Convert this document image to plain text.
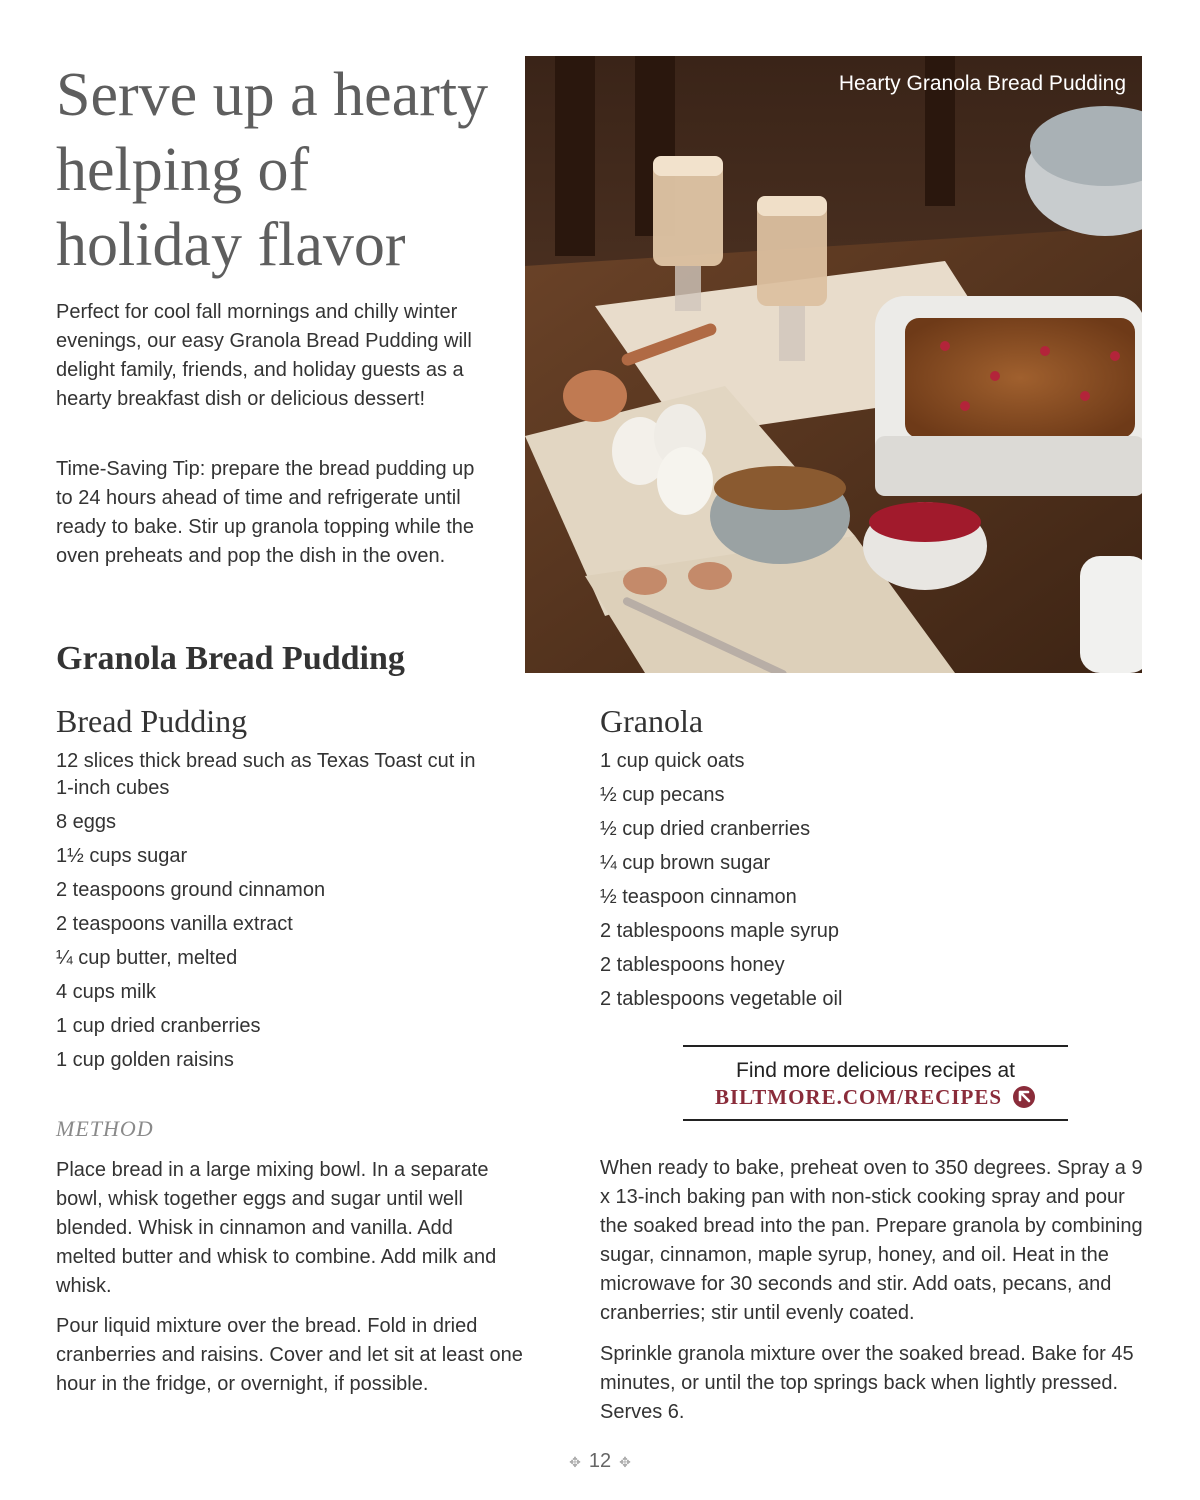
Serve up a hearty helping of holiday flavor

Perfect for cool fall mornings and chilly winter evenings, our easy Granola Bread Pudding will delight family, friends, and holiday guests as a hearty breakfast dish or delicious dessert!

Time-Saving Tip: prepare the bread pudding up to 24 hours ahead of time and refrigerate until ready to bake. Stir up granola topping while the oven preheats and pop the dish in the oven.

Hearty Granola Bread Pudding
Granola Bread Pudding
Bread Pudding
12 slices thick bread such as Texas Toast cut in 1-inch cubes
8 eggs
1½ cups sugar
2 teaspoons ground cinnamon
2 teaspoons vanilla extract
¼ cup butter, melted
4 cups milk
1 cup dried cranberries
1 cup golden raisins
Granola
1 cup quick oats
½ cup pecans
½ cup dried cranberries
¼ cup brown sugar
½ teaspoon cinnamon
2 tablespoons maple syrup
2 tablespoons honey
2 tablespoons vegetable oil
Find more delicious recipes at
BILTMORE.COM/RECIPES
METHOD

Place bread in a large mixing bowl. In a separate bowl, whisk together eggs and sugar until well blended. Whisk in cinnamon and vanilla. Add melted butter and whisk to combine. Add milk and whisk.

Pour liquid mixture over the bread. Fold in dried cranberries and raisins. Cover and let sit at least one hour in the fridge, or overnight, if possible.

When ready to bake, preheat oven to 350 degrees. Spray a 9 x 13-inch baking pan with non-stick cooking spray and pour the soaked bread into the pan. Prepare granola by combining sugar, cinnamon, maple syrup, honey, and oil. Heat in the microwave for 30 seconds and stir. Add oats, pecans, and cranberries; stir until evenly coated.

Sprinkle granola mixture over the soaked bread. Bake for 45 minutes, or until the top springs back when lightly pressed. Serves 6.

✥ 12 ✥
